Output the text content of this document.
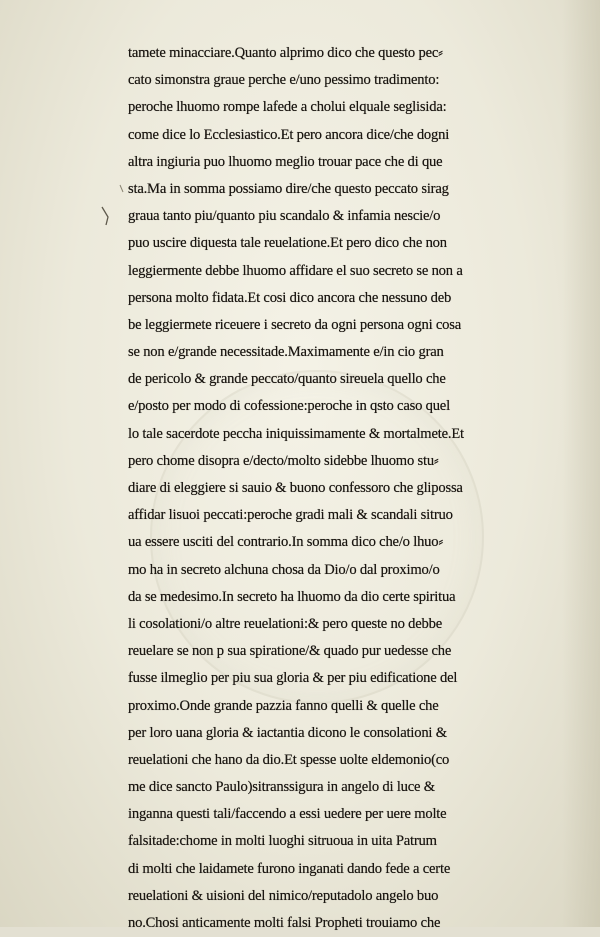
tamete minacciare.Quanto alprimo dico che questo pec⸗
cato simonstra graue perche e/uno pessimo tradimento:
peroche lhuomo rompe lafede a cholui elquale seglisida:
come dice lo Ecclesiastico.Et pero ancora dice/che dogni
altra ingiuria puo lhuomo meglio trouar pace che di que
sta.Ma in somma possiamo dire/che questo peccato sirag
graua tanto piu/quanto piu scandalo & infamia nescie/o
puo uscire diquesta tale reuelatione.Et pero dico che non
leggiermente debbe lhuomo affidare el suo secreto se non a
persona molto fidata.Et cosi dico ancora che nessuno deb
be leggiermete riceuere i secreto da ogni persona ogni cosa
se non e/grande necessitade.Maximamente e/in cio gran
de pericolo & grande peccato/quanto sireuela quello che
e/posto per modo di cofessione:peroche in qsto caso quel
lo tale sacerdote peccha iniquissimamente & mortalmete.Et
pero chome disopra e/decto/molto sidebbe lhuomo stu⸗
diare di eleggiere si sauio & buono confessoro che glipossa
affidar lisuoi peccati:peroche gradi mali & scandali sitruo
ua essere usciti del contrario.In somma dico che/o lhuo⸗
mo ha in secreto alchuna chosa da Dio/o dal proximo/o
da se medesimo.In secreto ha lhuomo da dio certe spiritua
li cosolationi/o altre reuelationi:& pero queste no debbe
reuelare se non p sua spiratione/& quado pur uedesse che
fusse ilmeglio per piu sua gloria & per piu edificatione del
proximo.Onde grande pazzia fanno quelli & quelle che
per loro uana gloria & iactantia dicono le consolationi &
reuelationi che hano da dio.Et spesse uolte eldemonio(co
me dice sancto Paulo)sitranssigura in angelo di luce &
inganna questi tali/faccendo a essi uedere per uere molte
falsitade:chome in molti luoghi sitruoua in uita Patrum
di molti che laidamete furono inganati dando fede a certe
reuelationi & uisioni del nimico/reputadolo angelo buo
no.Chosi anticamente molti falsi Propheti trouiamo che
